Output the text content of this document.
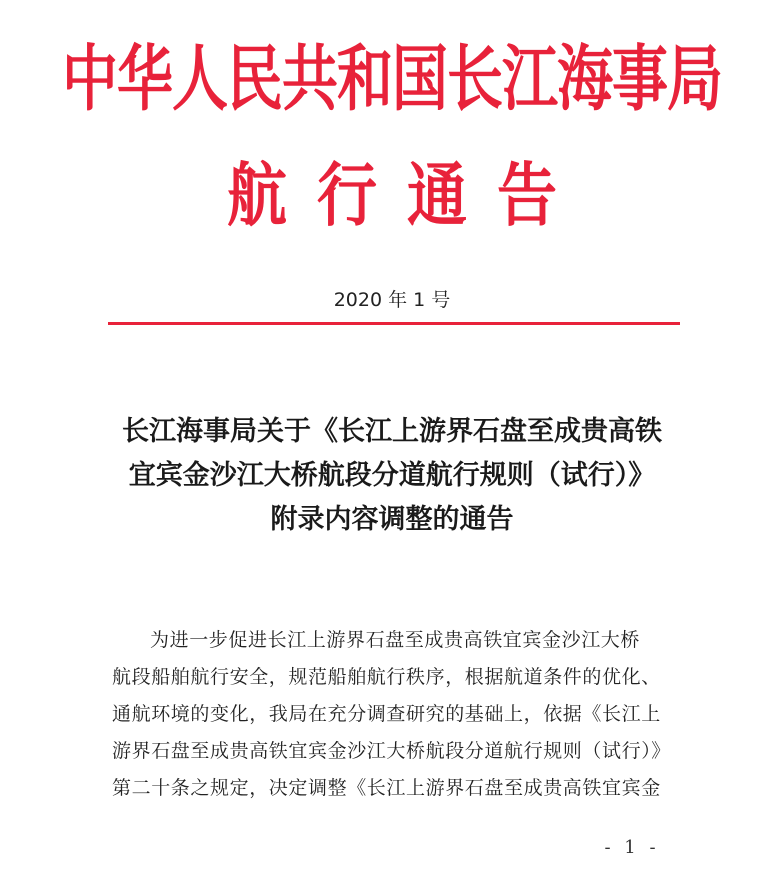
中华人民共和国长江海事局
航行通告
2020 年 1 号
长江海事局关于《长江上游界石盘至成贵高铁
宜宾金沙江大桥航段分道航行规则（试行）》
附录内容调整的通告
为进一步促进长江上游界石盘至成贵高铁宜宾金沙江大桥
航段船舶航行安全，规范船舶航行秩序，根据航道条件的优化、
通航环境的变化，我局在充分调查研究的基础上，依据《长江上
游界石盘至成贵高铁宜宾金沙江大桥航段分道航行规则（试行）》
第二十条之规定，决定调整《长江上游界石盘至成贵高铁宜宾金
- 1 -
